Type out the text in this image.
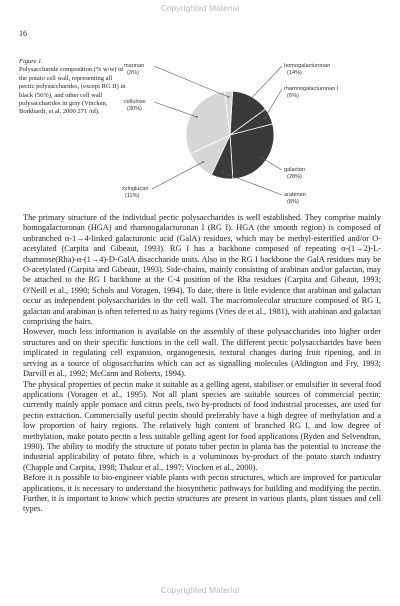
Copyrighted Material
16
Figure 1.
Polysaccharide composition (% w/w) of the potato cell wall, representing all pectic polysaccharides, (except RG II) in black (56%), and other cell wall polysaccharides in gray (Vincken, Borkhardt, et al. 2000 271 /id).
homogalacturonan
(14%)
rhamnogalacturonan I
(6%)
galactan
(28%)
arabinan
(8%)
xyloglucan
(11%)
cellulose
(30%)
mannan
(3%)

The primary structure of the individual pectic polysaccharides is well established. They comprise mainly homogalacturonan (HGA) and rhamnogalacturonan I (RG I). HGA (the smooth region) is composed of unbranched α-1→4-linked galacturonic acid (GalA) residues, which may be methyl-esterified and/or O-acetylated (Carpita and Gibeaut, 1993). RG I has a backbone composed of repeating α-(1→2)-L-rhamnose(Rha)-α-(1→4)-D-GalA disaccharide units. Also in the RG I backbone the GalA residues may be O-acetylated (Carpita and Gibeaut, 1993). Side-chains, mainly consisting of arabinan and/or galactan, may be attached to the RG I backbone at the C-4 position of the Rha residues (Carpita and Gibeaut, 1993; O'Neill et al., 1990; Schols and Voragen, 1994). To date, there is little evidence that arabinan and galactan occur as independent polysaccharides in the cell wall. The macromolecular structure composed of RG I, galactan and arabinan is often referred to as hairy regions (Vries de et al., 1981), with arabinan and galactan comprising the hairs.

However, much less information is available on the assembly of these polysaccharides into higher order structures and on their specific functions in the cell wall. The different pectic polysaccharides have been implicated in regulating cell expansion, organogenesis, textural changes during fruit ripening, and in serving as a source of oligosaccharins which can act as signalling molecules (Aldington and Fry, 1993; Darvill et al., 1992; McCann and Roberts, 1994).

The physical properties of pectin make it suitable as a gelling agent, stabiliser or emulsifier in several food applications (Voragen et al., 1995). Not all plant species are suitable sources of commercial pectin; currently mainly apple pomace and citrus peels, two by-products of food industrial processes, are used for pectin extraction. Commercially useful pectin should preferably have a high degree of methylation and a low proportion of hairy regions. The relatively high content of branched RG I, and low degree of methylation, make potato pectin a less suitable gelling agent for food applications (Ryden and Selvendran, 1990). The ability to modify the structure of potato tuber pectin in planta has the potential to increase the industrial applicability of potato fibre, which is a voluminous by-product of the potato starch industry (Chapple and Carpita, 1998; Thakur et al., 1997; Vincken et al., 2000).

Before it is possible to bio-engineer viable plants with pectin structures, which are improved for particular applications, it is necessary to understand the biosynthetic pathways for building and modifying the pectin. Further, it is important to know which pectin structures are present in various plants, plant tissues and cell types.

Copyrighted Material
